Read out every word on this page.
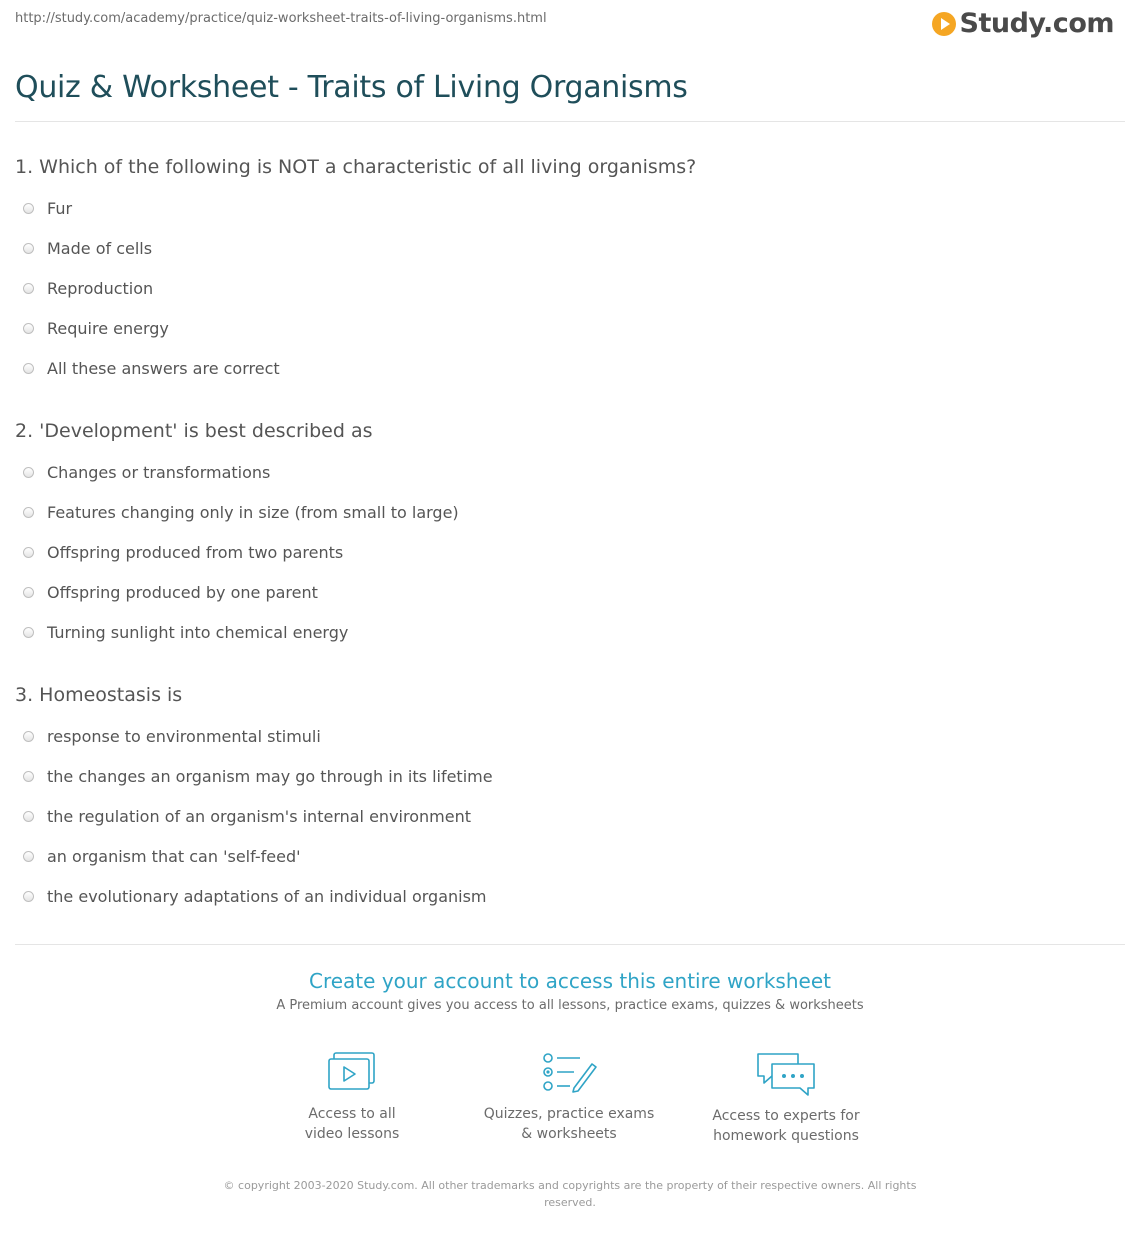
http://study.com/academy/practice/quiz-worksheet-traits-of-living-organisms.html	Study.com
Quiz & Worksheet - Traits of Living Organisms
1. Which of the following is NOT a characteristic of all living organisms?
Fur
Made of cells
Reproduction
Require energy
All these answers are correct
2. 'Development' is best described as
Changes or transformations
Features changing only in size (from small to large)
Offspring produced from two parents
Offspring produced by one parent
Turning sunlight into chemical energy
3. Homeostasis is
response to environmental stimuli
the changes an organism may go through in its lifetime
the regulation of an organism's internal environment
an organism that can 'self-feed'
the evolutionary adaptations of an individual organism
Create your account to access this entire worksheet
A Premium account gives you access to all lessons, practice exams, quizzes & worksheets
Access to all
video lessons
Quizzes, practice exams
& worksheets
Access to experts for
homework questions
© copyright 2003-2020 Study.com. All other trademarks and copyrights are the property of their respective owners. All rights reserved.
